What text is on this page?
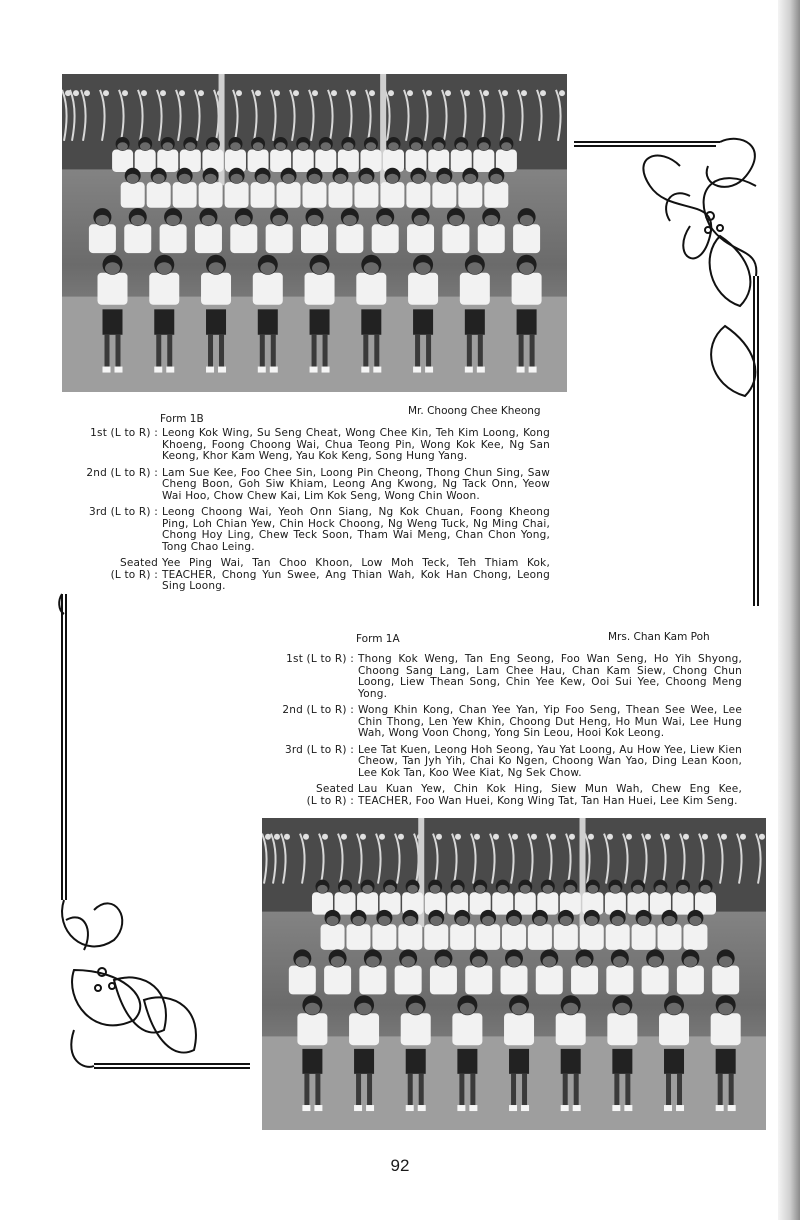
Form 1B
Mr. Choong Chee Kheong
1st (L to R) : Leong Kok Wing, Su Seng Cheat, Wong Chee Kin, Teh Kim Loong, Kong Khoeng, Foong Choong Wai, Chua Teong Pin, Wong Kok Kee, Ng San Keong, Khor Kam Weng, Yau Kok Keng, Song Hung Yang.
2nd (L to R) : Lam Sue Kee, Foo Chee Sin, Loong Pin Cheong, Thong Chun Sing, Saw Cheng Boon, Goh Siw Khiam, Leong Ang Kwong, Ng Tack Onn, Yeow Wai Hoo, Chow Chew Kai, Lim Kok Seng, Wong Chin Woon.
3rd (L to R) : Leong Choong Wai, Yeoh Onn Siang, Ng Kok Chuan, Foong Kheong Ping, Loh Chian Yew, Chin Hock Choong, Ng Weng Tuck, Ng Ming Chai, Chong Hoy Ling, Chew Teck Soon, Tham Wai Meng, Chan Chon Yong, Tong Chao Leing.
Seated
(L to R) :
Yee Ping Wai, Tan Choo Khoon, Low Moh Teck, Teh Thiam Kok, TEACHER, Chong Yun Swee, Ang Thian Wah, Kok Han Chong, Leong Sing Loong.
Form 1A	Mrs. Chan Kam Poh
1st (L to R) : Thong Kok Weng, Tan Eng Seong, Foo Wan Seng, Ho Yih Shyong, Choong Sang Lang, Lam Chee Hau, Chan Kam Siew, Chong Chun Loong, Liew Thean Song, Chin Yee Kew, Ooi Sui Yee, Choong Meng Yong.
2nd (L to R) : Wong Khin Kong, Chan Yee Yan, Yip Foo Seng, Thean See Wee, Lee Chin Thong, Len Yew Khin, Choong Dut Heng, Ho Mun Wai, Lee Hung Wah, Wong Voon Chong, Yong Sin Leou, Hooi Kok Leong.
3rd (L to R) : Lee Tat Kuen, Leong Hoh Seong, Yau Yat Loong, Au How Yee, Liew Kien Cheow, Tan Jyh Yih, Chai Ko Ngen, Choong Wan Yao, Ding Lean Koon, Lee Kok Tan, Koo Wee Kiat, Ng Sek Chow.
Seated
(L to R) :
Lau Kuan Yew, Chin Kok Hing, Siew Mun Wah, Chew Eng Kee, TEACHER, Foo Wan Huei, Kong Wing Tat, Tan Han Huei, Lee Kim Seng.
92
